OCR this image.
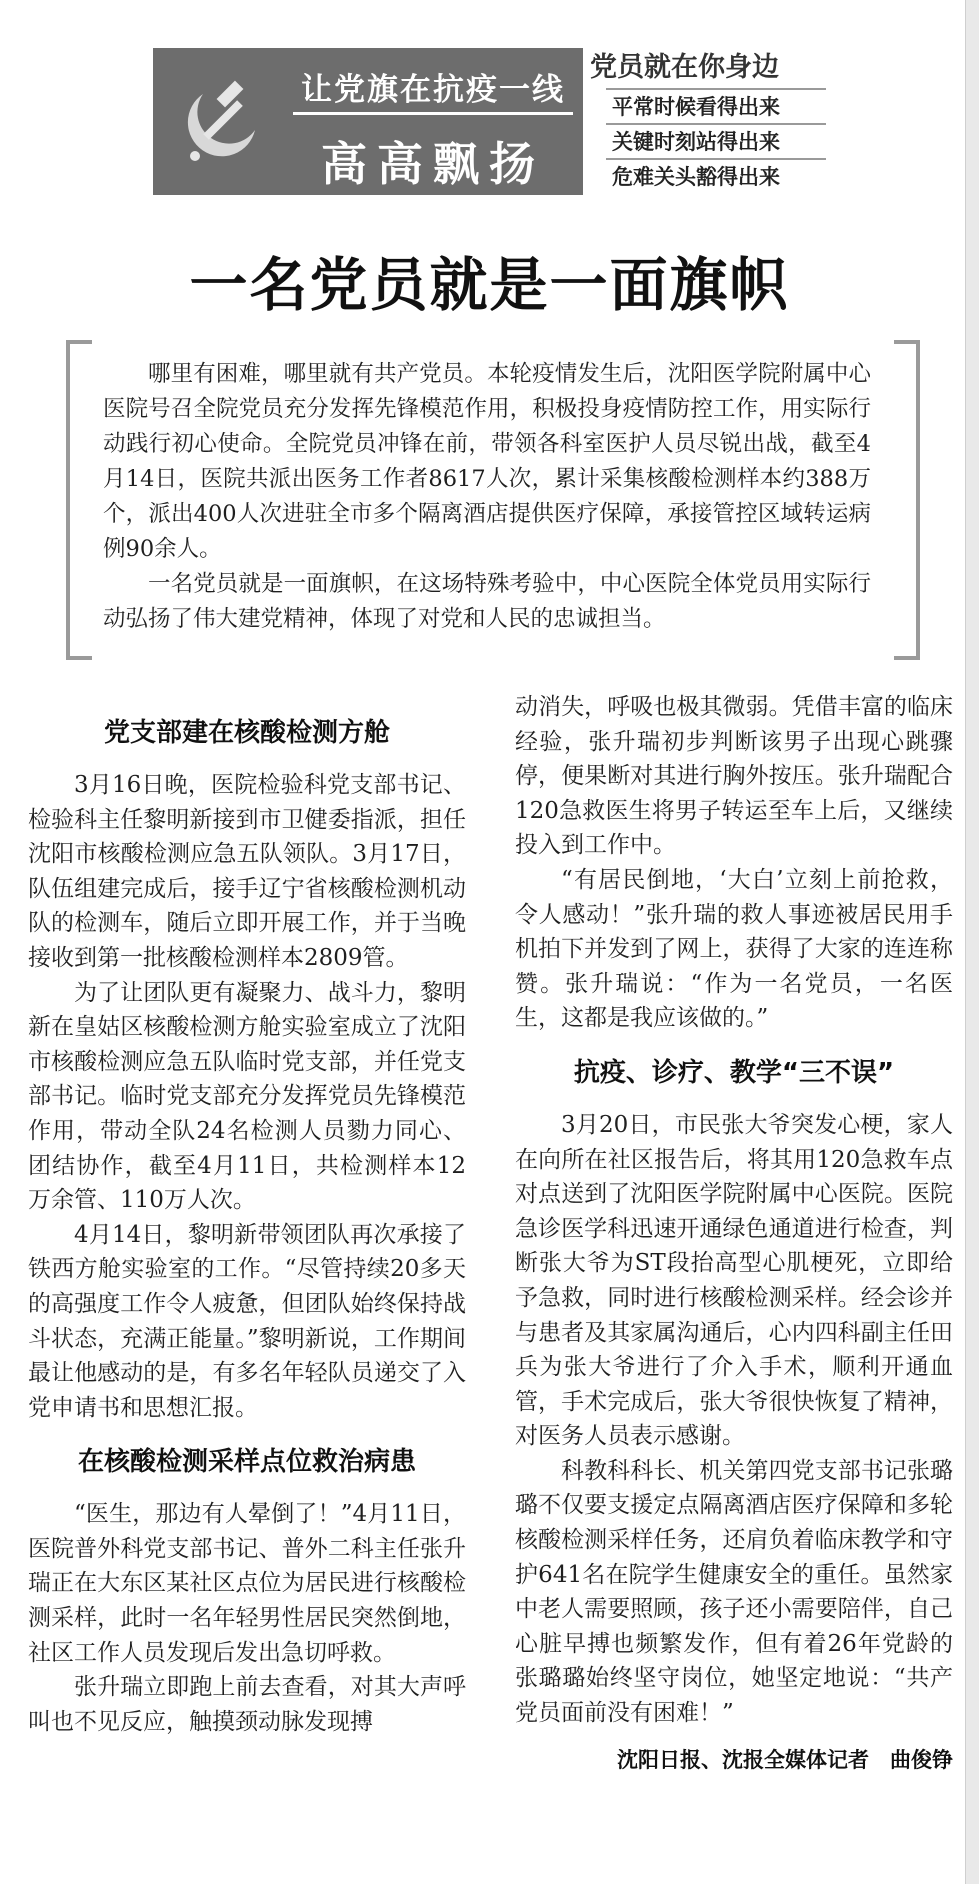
让党旗在抗疫一线
高高飘扬
党员就在你身边
平常时候看得出来
关键时刻站得出来
危难关头豁得出来
一名党员就是一面旗帜

哪里有困难，哪里就有共产党员。本轮疫情发生后，沈阳医学院附属中心医院号召全院党员充分发挥先锋模范作用，积极投身疫情防控工作，用实际行动践行初心使命。全院党员冲锋在前，带领各科室医护人员尽锐出战，截至4月14日，医院共派出医务工作者8617人次，累计采集核酸检测样本约388万个，派出400人次进驻全市多个隔离酒店提供医疗保障，承接管控区域转运病例90余人。

一名党员就是一面旗帜，在这场特殊考验中，中心医院全体党员用实际行动弘扬了伟大建党精神，体现了对党和人民的忠诚担当。

党支部建在核酸检测方舱

3月16日晚，医院检验科党支部书记、检验科主任黎明新接到市卫健委指派，担任沈阳市核酸检测应急五队领队。3月17日，队伍组建完成后，接手辽宁省核酸检测机动队的检测车，随后立即开展工作，并于当晚接收到第一批核酸检测样本2809管。

为了让团队更有凝聚力、战斗力，黎明新在皇姑区核酸检测方舱实验室成立了沈阳市核酸检测应急五队临时党支部，并任党支部书记。临时党支部充分发挥党员先锋模范作用，带动全队24名检测人员勠力同心、团结协作，截至4月11日，共检测样本12万余管、110万人次。

4月14日，黎明新带领团队再次承接了铁西方舱实验室的工作。“尽管持续20多天的高强度工作令人疲惫，但团队始终保持战斗状态，充满正能量。”黎明新说，工作期间最让他感动的是，有多名年轻队员递交了入党申请书和思想汇报。

在核酸检测采样点位救治病患

“医生，那边有人晕倒了！”4月11日，医院普外科党支部书记、普外二科主任张升瑞正在大东区某社区点位为居民进行核酸检测采样，此时一名年轻男性居民突然倒地，社区工作人员发现后发出急切呼救。

张升瑞立即跑上前去查看，对其大声呼叫也不见反应，触摸颈动脉发现搏

动消失，呼吸也极其微弱。凭借丰富的临床经验，张升瑞初步判断该男子出现心跳骤停，便果断对其进行胸外按压。张升瑞配合120急救医生将男子转运至车上后，又继续投入到工作中。

“有居民倒地，‘大白’立刻上前抢救，令人感动！”张升瑞的救人事迹被居民用手机拍下并发到了网上，获得了大家的连连称赞。张升瑞说：“作为一名党员，一名医生，这都是我应该做的。”

抗疫、诊疗、教学“三不误”

3月20日，市民张大爷突发心梗，家人在向所在社区报告后，将其用120急救车点对点送到了沈阳医学院附属中心医院。医院急诊医学科迅速开通绿色通道进行检查，判断张大爷为ST段抬高型心肌梗死，立即给予急救，同时进行核酸检测采样。经会诊并与患者及其家属沟通后，心内四科副主任田兵为张大爷进行了介入手术，顺利开通血管，手术完成后，张大爷很快恢复了精神，对医务人员表示感谢。

科教科科长、机关第四党支部书记张璐璐不仅要支援定点隔离酒店医疗保障和多轮核酸检测采样任务，还肩负着临床教学和守护641名在院学生健康安全的重任。虽然家中老人需要照顾，孩子还小需要陪伴，自己心脏早搏也频繁发作，但有着26年党龄的张璐璐始终坚守岗位，她坚定地说：“共产党员面前没有困难！”

沈阳日报、沈报全媒体记者　曲俊铮
